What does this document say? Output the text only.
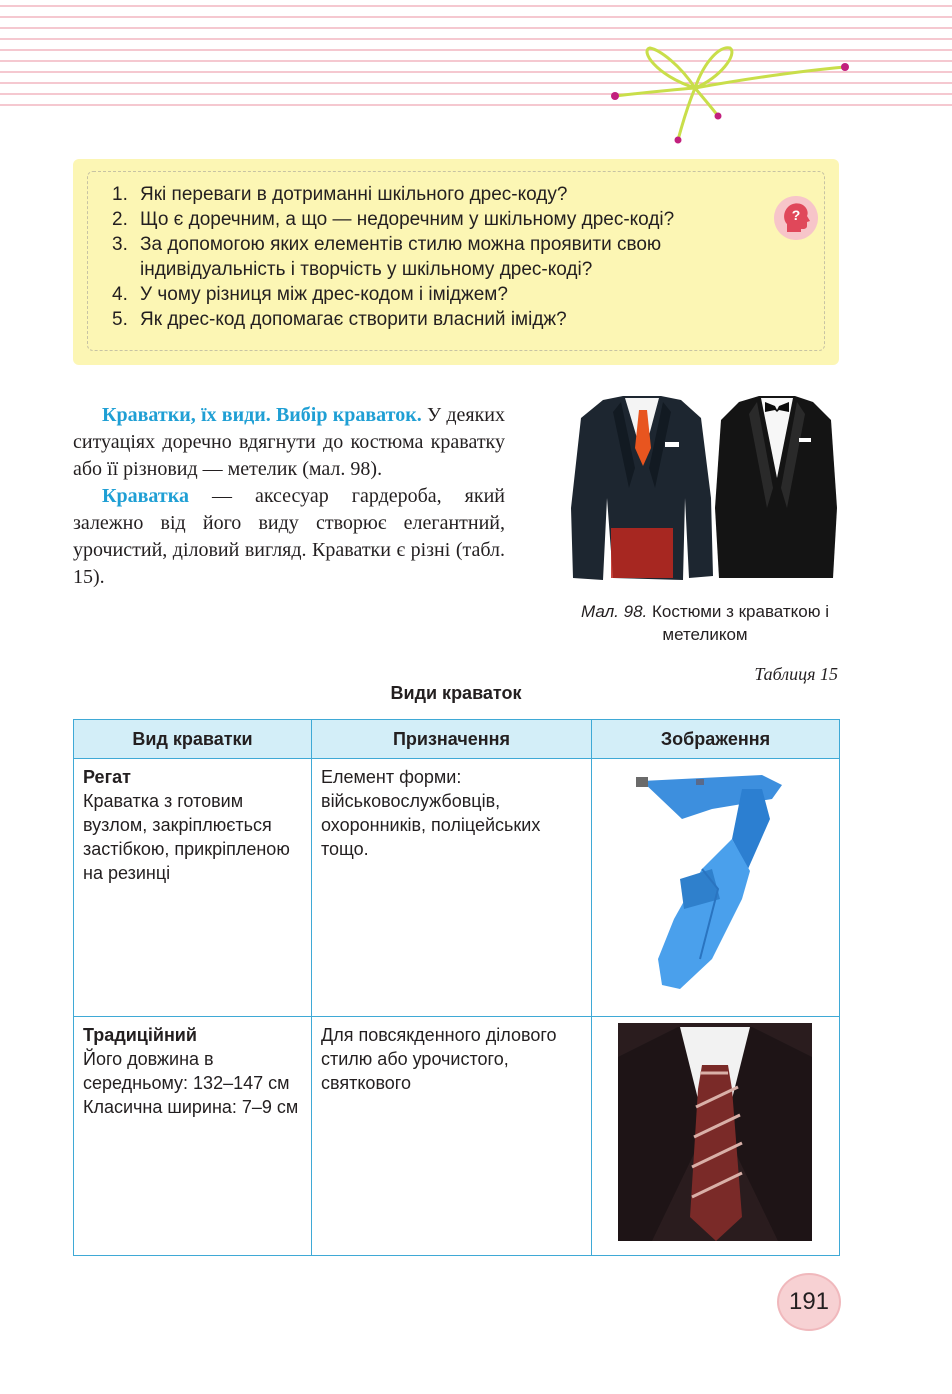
1. Які переваги в дотриманні шкільного дрес-коду?
2. Що є доречним, а що — недоречним у шкільному дрес-коді?
3. За допомогою яких елементів стилю можна проявити свою індивідуальність і творчість у шкільному дрес-коді?
4. У чому різниця між дрес-кодом і іміджем?
5. Як дрес-код допомагає створити власний імідж?
?

Краватки, їх види. Вибір краваток. У деяких ситуаціях доречно вдягнути до костюма краватку або її різновид — метелик (мал. 98).

Краватка — аксесуар гардероба, який залежно від його виду створює елегантний, урочистий, діловий вигляд. Краватки є різні (табл. 15).

Мал. 98. Костюми з краваткою і метеликом
Таблиця 15
Види краваток
Вид краватки	Призначення	Зображення

Регат
Краватка з готовим вузлом, закріплюється застібкою, прикріпленою на резинці	Елемент форми: військовослужбовців, охоронників, поліцейських тощо.	

Традиційний
Його довжина в середньому: 132–147 см Класична ширина: 7–9 см	Для повсякденного ділового стилю або урочистого, святкового	
191
